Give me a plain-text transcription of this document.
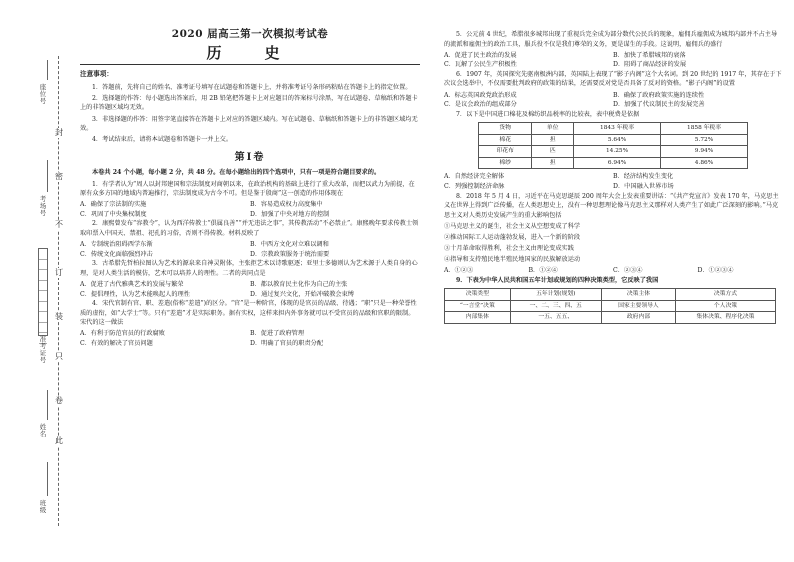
封
密
不
订
装
只
卷
此
座位号
考场号
准考证号
姓名
班级
2020 届高三第一次模拟考试卷
历　史
注意事项：

1．答题前，先将自己的姓名、准考证号填写在试题卷和答题卡上，并将准考证号条形码粘贴在答题卡上的指定位置。

2．选择题的作答：每小题选出答案后，用 2B 铅笔把答题卡上对应题目的答案标号涂黑，写在试题卷、草稿纸和答题卡上的非答题区域均无效。

3．非选择题的作答：用签字笔直接答在答题卡上对应的答题区域内。写在试题卷、草稿纸和答题卡上的非答题区域均无效。

4．考试结束后，请将本试题卷和答题卡一并上交。

第Ⅰ卷

本卷共 24 个小题，每小题 2 分，共 48 分。在每小题给出的四个选项中，只有一项是符合题目要求的。

1．有学者认为“周人以封邦建国和宗法制度对商朝以来，在政治机构的基础上进行了重大改革，而把以武力为前提，在原有众多方国的地域内普遍推行，宗法制度成为古今不可。但是鉴于殷商”这一创造的作用体现在

A．确保了宗法制的实施	B．容易造成权力高度集中
C．巩固了中央集权制度	D．加强了中央对地方的控制

2．康熙曾发布“容教令”，认为西洋传教士“俱属良善”“并无违法之事”，其传教活动“不必禁止”。康熙晚年要求传教士领取印票入中国天、禁祖、祀孔的习俗，否则不得传教。材料反映了

A．专制统治阻碍西学东渐	B．中西方文化对立难以调和
C．传统文化面临强烈冲击	D．宗教政策服务于统治需要

3．古希腊先哲柏拉图认为艺术的源泉来自神灵附体，主张拒艺术以诗歌驱逐；亚里士多德则认为艺术源于人类自身的心理，是对人类生活的模仿，艺术可以培养人的理性。二者的共同点是

A．促进了古代雅典艺术的发展与繁荣	B．都以教育民主化作为自己的主张
C．提倡理性，认为艺术能唤起人的理性	D．通过复兴文化，开始冲破教会束缚

4．宋代官制有官、职、差遣(俗称“差遣”)的区分。“官”是一种阶官，体现的是官员的品级、待遇；“职”只是一种荣誉性质的虚衔，如“大学士”等。只有“差遣”才是实际职务。据有实权，这样来担内外事务就可以不受官员的品级和官职的限制。宋代的这一做法

A．有利于防范官员的行政腐败	B．促进了政府管理
C．有效的解决了官员问题	D．明确了官员的职责分配

5．公元前 4 世纪，希腊很多城邦出现了重视兵完全成为部分数代公民兵的现象，雇佣兵雇佣成为城邦内部并不占主导的流派和雇佣主的政治工具，服兵役不仅是我们尊荣的义务，更是谋生的手段。这说明，雇佣兵的盛行

A．促进了民主政治的发展	B．加快了希腊城邦的衰落
C．瓦解了公民生产积极性	D．阻碍了商品经济的发展

6．1907 年，英国探究先驱南极洲内部，英国陆上表现了“影子内阁”这个大名词。到 20 世纪的 1917 年，其存在于下次议会选举中，不仅需要批判政府的政策的结果，还需要反对党是否具备了反对的资格。“影子内阁”的设置

A．标志英国政党政治形成	B．确保了政府政策实施的连续性
C．是议会政治的组成部分	D．加强了代议制民主的发展完善

7．以下是中国进口棉花及棉纺织品税率的比较表，表中税费是依据

货物	单位	1843 年税率	1858 年税率
棉花	担	5.64%	5.72%
印花布	匹	14.25%	9.94%
棉纱	担	6.94%	4.86%
A．自然经济完全解体	B．经济结构发生变化
C．列强控制经济命脉	D．中国融入世界市场

8．2018 年 5 月 4 日，习近平在马克思诞辰 200 周年大会上发表重要讲话：“《共产党宣言》发表 170 年，马克思主义在世界上得到广泛传播，在人类思想史上，没有一种思想理论像马克思主义那样对人类产生了如此广泛深刻的影响。”马克思主义对人类历史发展产生的重大影响包括

①马克思主义的诞生，社会主义从空想变成了科学

②推动国际工人运动蓬勃发展，进入一个新的阶段

③十月革命取得胜利，社会主义由理论变成实践

④指导和支持殖民地半殖民地国家的民族解放运动

A．①②③	B．①②④	C．②③④	D．①②③④

9．下表为中华人民共和国五年计划或规划的四种决策类型，它反映了我国

决策类型	五年计划(规划)	决策主体	决策方式
“一言堂”决策	一、二、三、四、五	国家主要领导人	个人决策
内部集体	一五、五五、	政府内部	集体决策、程序化决策
